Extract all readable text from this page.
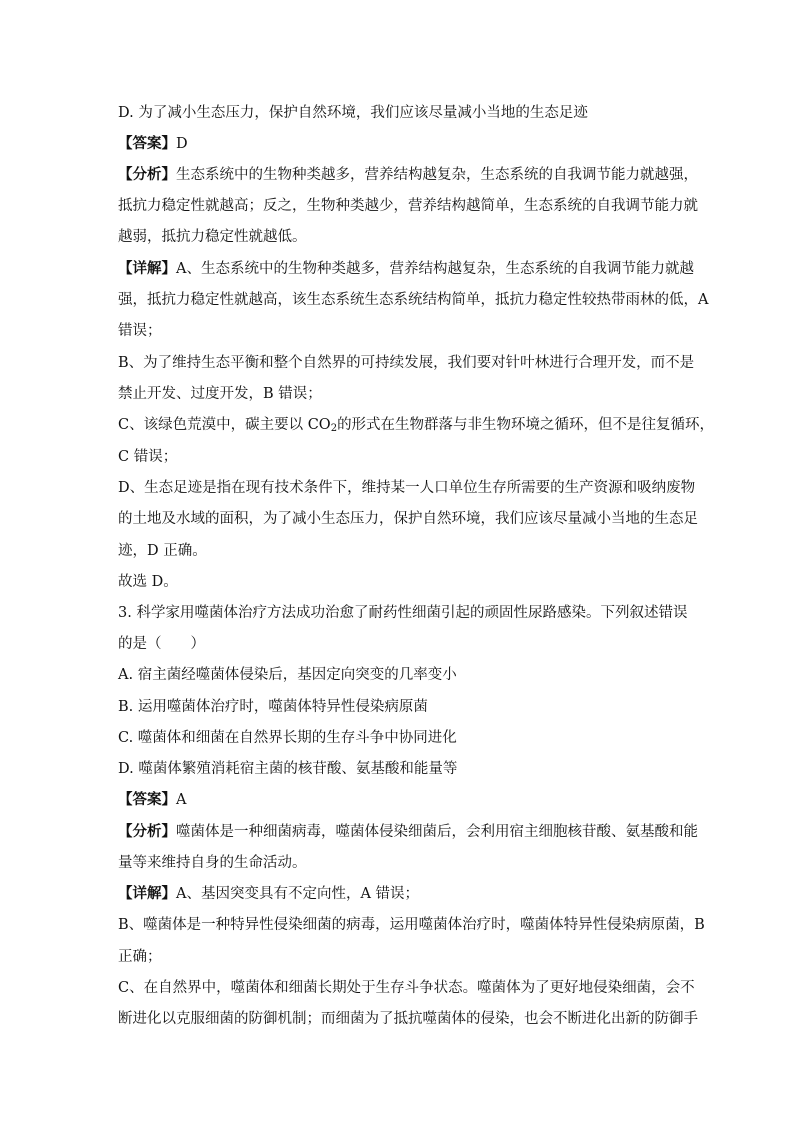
D. 为了减小生态压力，保护自然环境，我们应该尽量减小当地的生态足迹
【答案】D
【分析】生态系统中的生物种类越多，营养结构越复杂，生态系统的自我调节能力就越强，
抵抗力稳定性就越高；反之，生物种类越少，营养结构越简单，生态系统的自我调节能力就
越弱，抵抗力稳定性就越低。
【详解】A、生态系统中的生物种类越多，营养结构越复杂，生态系统的自我调节能力就越
强，抵抗力稳定性就越高，该生态系统生态系统结构简单，抵抗力稳定性较热带雨林的低，A
错误；
B、为了维持生态平衡和整个自然界的可持续发展，我们要对针叶林进行合理开发，而不是
禁止开发、过度开发，B 错误；
C、该绿色荒漠中，碳主要以 $CO_2$的形式在生物群落与非生物环境之循环，但不是往复循环，
C 错误；
D、生态足迹是指在现有技术条件下，维持某一人口单位生存所需要的生产资源和吸纳废物
的土地及水域的面积，为了减小生态压力，保护自然环境，我们应该尽量减小当地的生态足
迹，D 正确。
故选 D。
3. 科学家用噬菌体治疗方法成功治愈了耐药性细菌引起的顽固性尿路感染。下列叙述错误
的是（　　）
A. 宿主菌经噬菌体侵染后，基因定向突变的几率变小
B. 运用噬菌体治疗时，噬菌体特异性侵染病原菌
C. 噬菌体和细菌在自然界长期的生存斗争中协同进化
D. 噬菌体繁殖消耗宿主菌的核苷酸、氨基酸和能量等
【答案】A
【分析】噬菌体是一种细菌病毒，噬菌体侵染细菌后，会利用宿主细胞核苷酸、氨基酸和能
量等来维持自身的生命活动。
【详解】A、基因突变具有不定向性，A 错误；
B、噬菌体是一种特异性侵染细菌的病毒，运用噬菌体治疗时，噬菌体特异性侵染病原菌，B
正确；
C、在自然界中，噬菌体和细菌长期处于生存斗争状态。噬菌体为了更好地侵染细菌，会不
断进化以克服细菌的防御机制；而细菌为了抵抗噬菌体的侵染，也会不断进化出新的防御手
